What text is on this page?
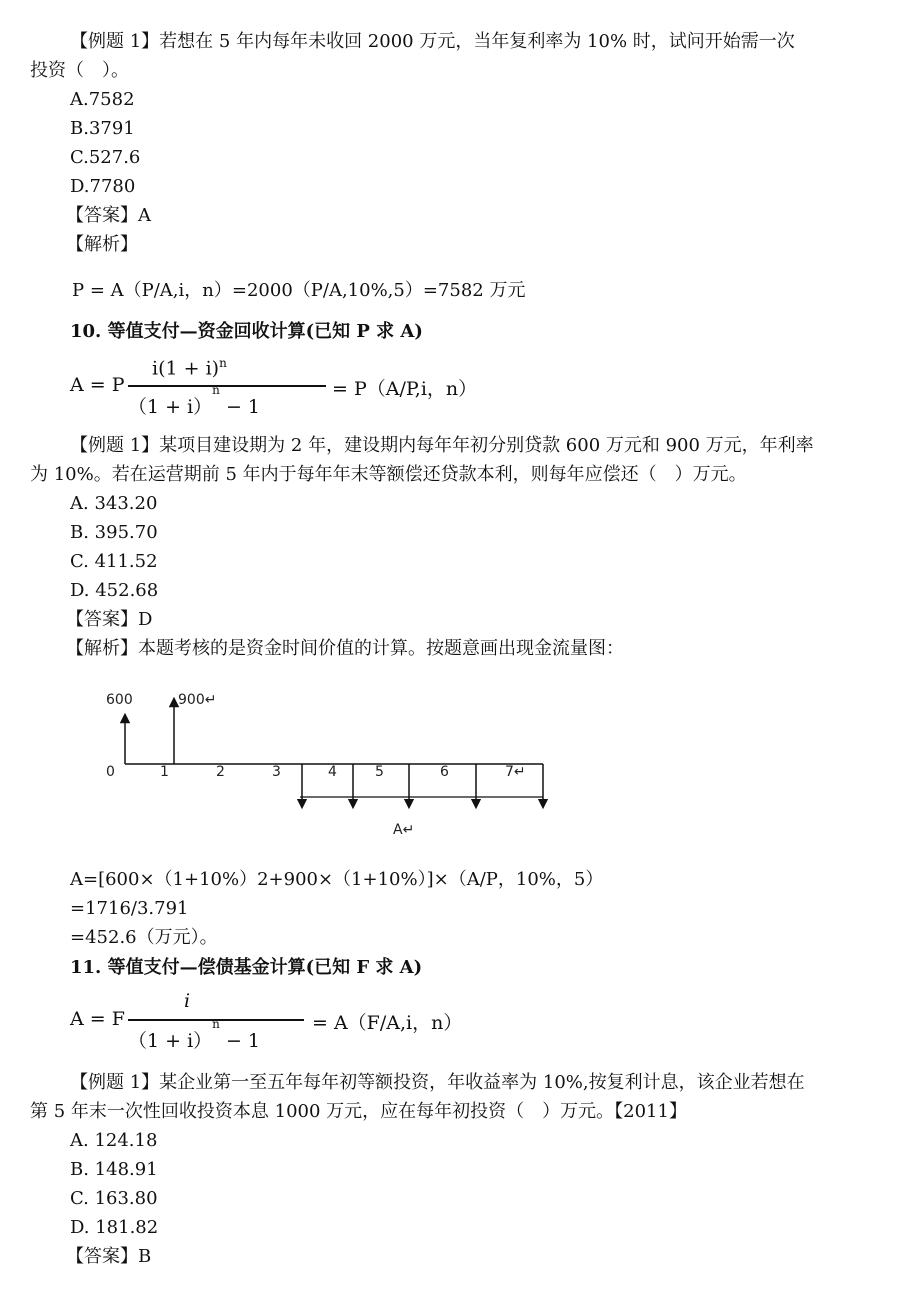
【例题 1】若想在 5 年内每年未收回 2000 万元，当年复利率为 10% 时，试问开始需一次
投资（　）。
A.7582
B.3791
C.527.6
D.7780
【答案】A
【解析】
P = A（P/A,i，n）=2000（P/A,10%,5）=7582 万元
10. 等值支付—资金回收计算(已知 P 求 A)
A = P
$i(1 + i)^n$
$(1 + i)^n - 1$
= P（A/P,i，n）
【例题 1】某项目建设期为 2 年，建设期内每年年初分别贷款 600 万元和 900 万元，年利率
为 10%。若在运营期前 5 年内于每年年末等额偿还贷款本利，则每年应偿还（　）万元。
A. 343.20
B. 395.70
C. 411.52
D. 452.68
【答案】D
【解析】本题考核的是资金时间价值的计算。按题意画出现金流量图：
600	900↵
0	1	2	3	4	5	6	7↵
A↵
A=[600×（1+10%）2+900×（1+10%）]×（A/P，10%，5）
=1716/3.791
=452.6（万元）。
11. 等值支付—偿债基金计算(已知 F 求 A)
A = F
i
$(1 + i)^n - 1$
= A（F/A,i，n）
【例题 1】某企业第一至五年每年初等额投资，年收益率为 10%,按复利计息，该企业若想在
第 5 年末一次性回收投资本息 1000 万元，应在每年初投资（　）万元。【2011】
A. 124.18
B. 148.91
C. 163.80
D. 181.82
【答案】B
